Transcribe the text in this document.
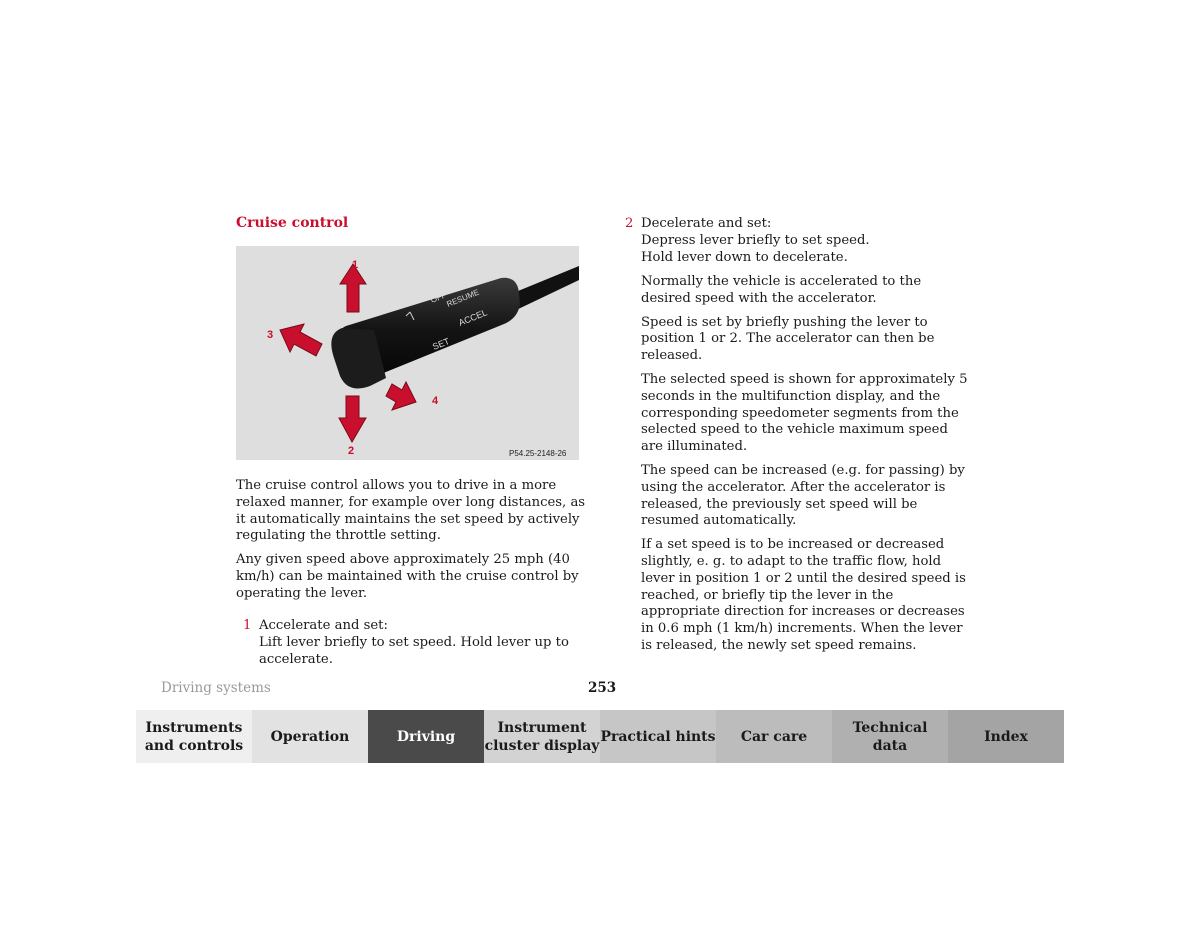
Cruise control
OFF
RESUME
ACCEL
SET DECEL
1
2
3
4
P54.25-2148-26

The cruise control allows you to drive in a more relaxed manner, for example over long distances, as it automatically maintains the set speed by actively regulating the throttle setting.

Any given speed above approximately 25 mph (40 km/h) can be maintained with the cruise control by operating the lever.

1 Accelerate and set:

Lift lever briefly to set speed. Hold lever up to accelerate.

2 Decelerate and set:

Depress lever briefly to set speed.

Hold lever down to decelerate.

Normally the vehicle is accelerated to the desired speed with the accelerator.

Speed is set by briefly pushing the lever to position 1 or 2. The accelerator can then be released.

The selected speed is shown for approximately 5 seconds in the multifunction display, and the corresponding speedometer segments from the selected speed to the vehicle maximum speed are illuminated.

The speed can be increased (e.g. for passing) by using the accelerator. After the accelerator is released, the previously set speed will be resumed automatically.

If a set speed is to be increased or decreased slightly, e. g. to adapt to the traffic flow, hold lever in position 1 or 2 until the desired speed is reached, or briefly tip the lever in the appropriate direction for increases or decreases in 0.6 mph (1 km/h) increments. When the lever is released, the newly set speed remains.

Driving systems	253
Instruments
and controls
Operation	Driving
Instrument
cluster display
Practical hints	Car care
Technical
data
Index
